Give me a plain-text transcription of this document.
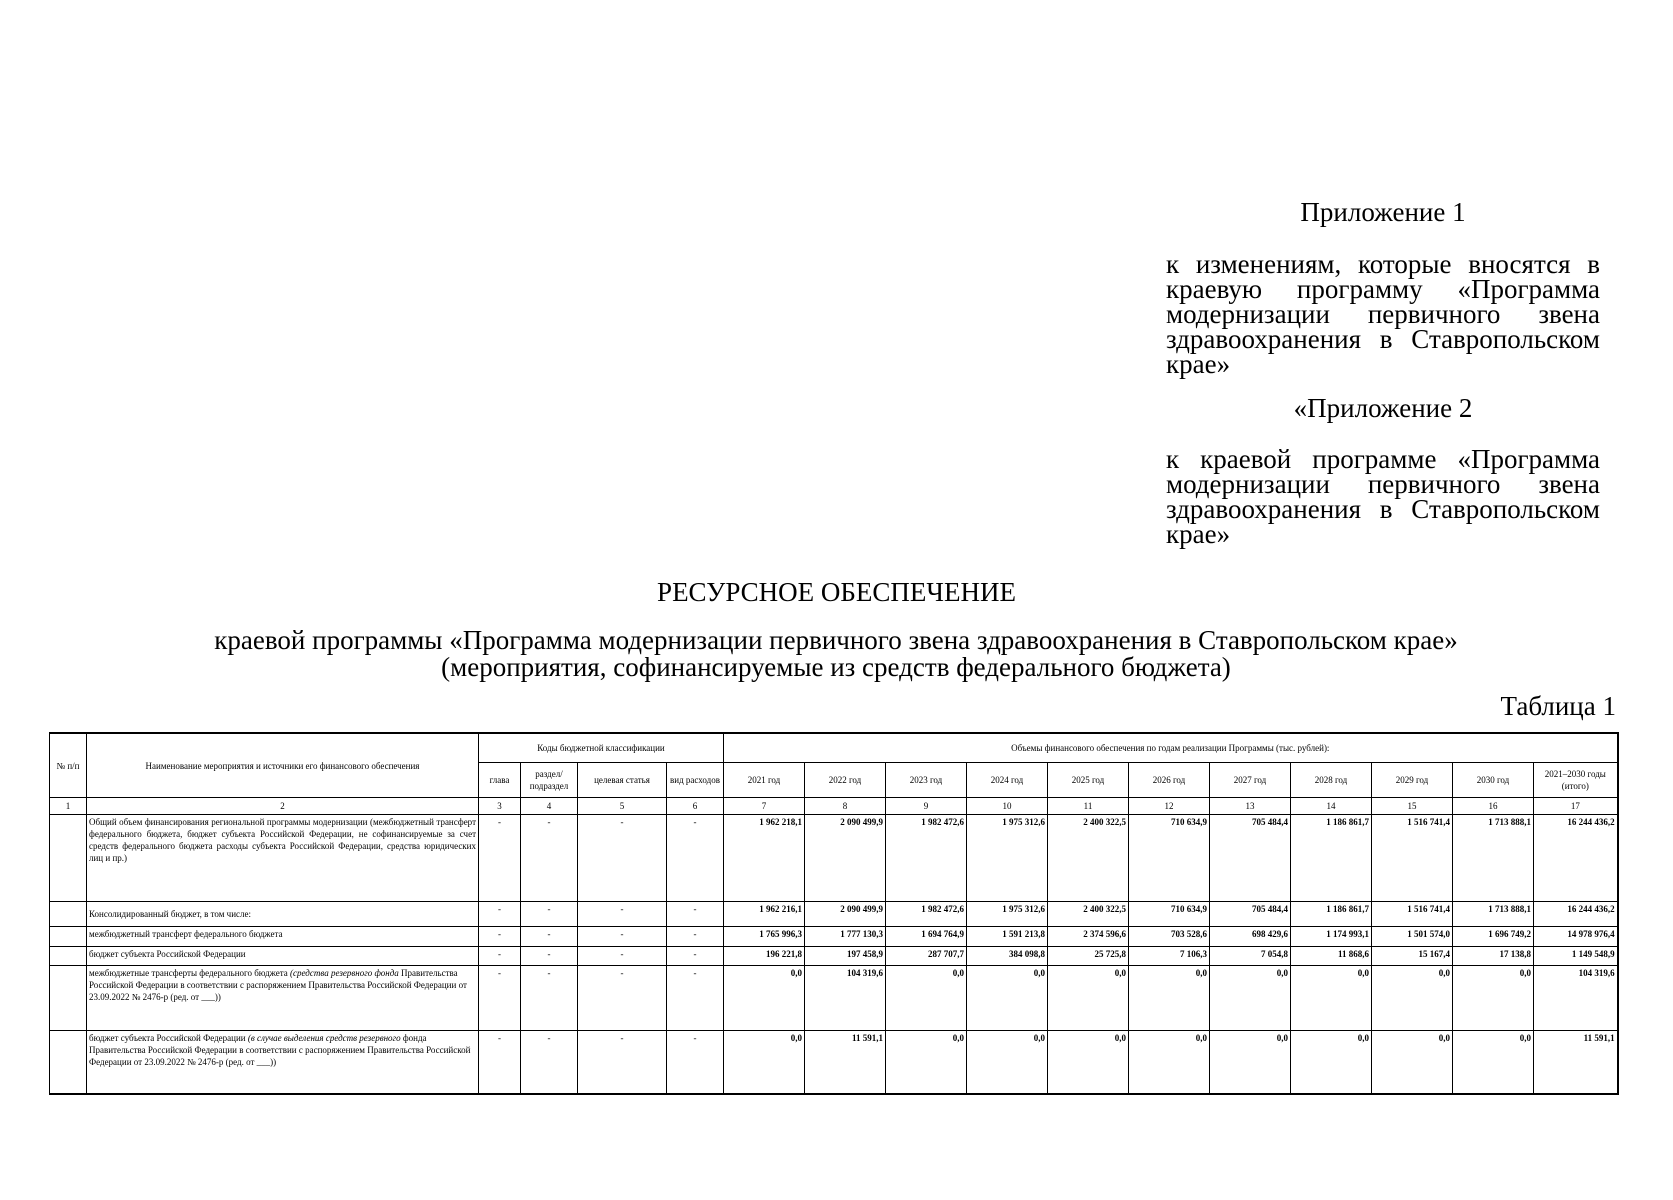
Приложение 1
к изменениям, которые вносятся в краевую программу «Программа модернизации первичного звена здравоохранения в Ставропольском крае»
«Приложение 2
к краевой программе «Программа модернизации первичного звена здравоохранения в Ставропольском крае»
РЕСУРСНОЕ ОБЕСПЕЧЕНИЕ
краевой программы «Программа модернизации первичного звена здравоохранения в Ставропольском крае»
(мероприятия, софинансируемые из средств федерального бюджета)
Таблица 1
№ п/п	Наименование мероприятия и источники его финансового обеспечения	Коды бюджетной классификации				Объемы финансового обеспечения по годам реализации Программы (тыс. рублей):										
		глава	раздел/ подраздел	целевая статья	вид расходов	2021 год	2022 год	2023 год	2024 год	2025 год	2026 год	2027 год	2028 год	2029 год	2030 год	2021–2030 годы (итого)
1	2	3	4	5	6	7	8	9	10	11	12	13	14	15	16	17
	Общий объем финансирования региональной программы модернизации (межбюджетный трансферт федерального бюджета, бюджет субъекта Российской Федерации, не софинансируемые за счет средств федерального бюджета расходы субъекта Российской Федерации, средства юридических лиц и пр.)	-	-	-	-	1 962 218,1	2 090 499,9	1 982 472,6	1 975 312,6	2 400 322,5	710 634,9	705 484,4	1 186 861,7	1 516 741,4	1 713 888,1	16 244 436,2
	Консолидированный бюджет, в том числе:	-	-	-	-	1 962 216,1	2 090 499,9	1 982 472,6	1 975 312,6	2 400 322,5	710 634,9	705 484,4	1 186 861,7	1 516 741,4	1 713 888,1	16 244 436,2
	межбюджетный трансферт федерального бюджета	-	-	-	-	1 765 996,3	1 777 130,3	1 694 764,9	1 591 213,8	2 374 596,6	703 528,6	698 429,6	1 174 993,1	1 501 574,0	1 696 749,2	14 978 976,4
	бюджет субъекта Российской Федерации	-	-	-	-	196 221,8	197 458,9	287 707,7	384 098,8	25 725,8	7 106,3	7 054,8	11 868,6	15 167,4	17 138,8	1 149 548,9
	межбюджетные трансферты федерального бюджета (средства резервного фонда Правительства Российской Федерации в соответствии с распоряжением Правительства Российской Федерации от 23.09.2022 № 2476-р (ред. от ___))	-	-	-	-	0,0	104 319,6	0,0	0,0	0,0	0,0	0,0	0,0	0,0	0,0	104 319,6
	бюджет субъекта Российской Федерации (в случае выделения средств резервного фонда Правительства Российской Федерации в соответствии с распоряжением Правительства Российской Федерации от 23.09.2022 № 2476-р (ред. от ___))	-	-	-	-	0,0	11 591,1	0,0	0,0	0,0	0,0	0,0	0,0	0,0	0,0	11 591,1
